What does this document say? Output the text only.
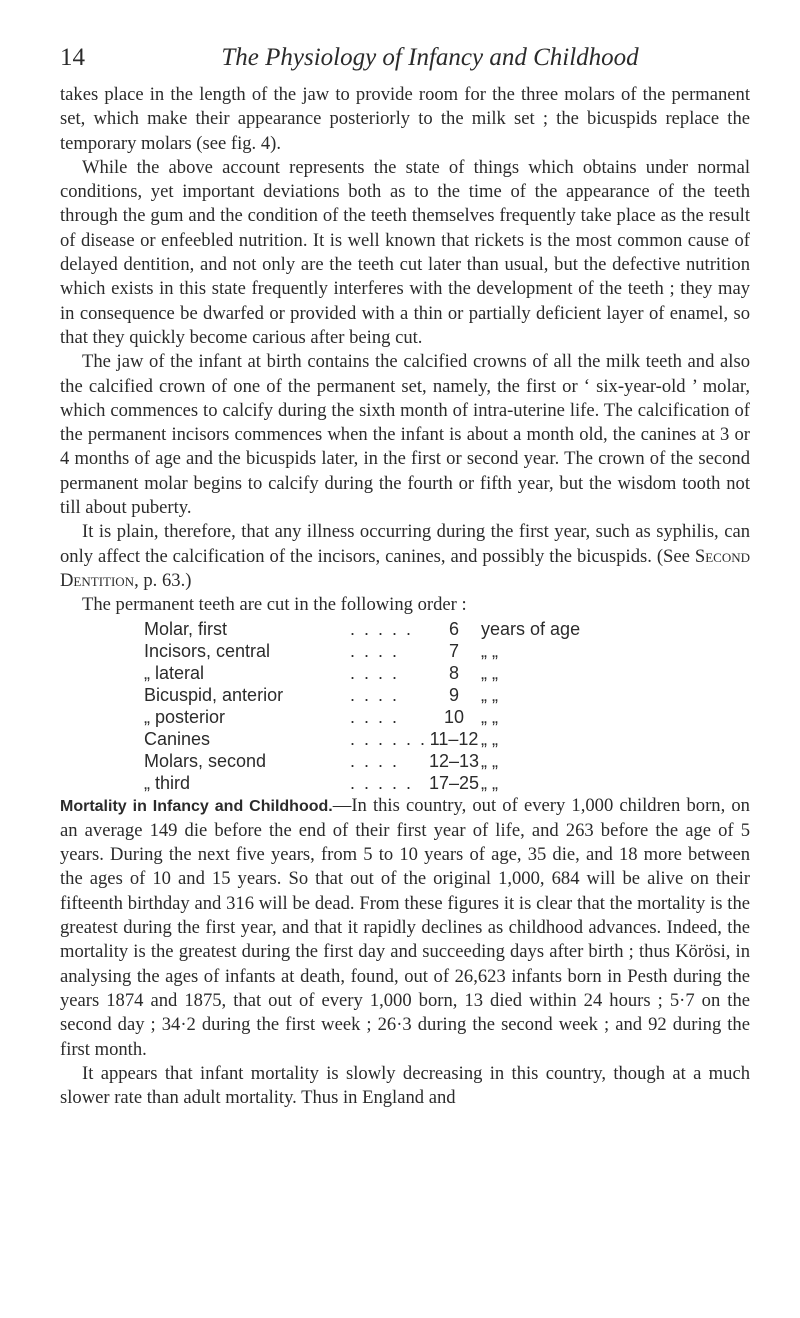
14	The Physiology of Infancy and Childhood

takes place in the length of the jaw to provide room for the three molars of the permanent set, which make their appearance posteriorly to the milk set ; the bicuspids replace the temporary molars (see fig. 4).

While the above account represents the state of things which obtains under normal conditions, yet important deviations both as to the time of the appearance of the teeth through the gum and the condition of the teeth themselves frequently take place as the result of disease or enfeebled nutrition. It is well known that rickets is the most common cause of delayed dentition, and not only are the teeth cut later than usual, but the defective nutrition which exists in this state frequently interferes with the development of the teeth ; they may in consequence be dwarfed or provided with a thin or partially deficient layer of enamel, so that they quickly become carious after being cut.

The jaw of the infant at birth contains the calcified crowns of all the milk teeth and also the calcified crown of one of the permanent set, namely, the first or ‘ six-year-old ’ molar, which commences to calcify during the sixth month of intra-uterine life. The calcification of the permanent incisors commences when the infant is about a month old, the canines at 3 or 4 months of age and the bicuspids later, in the first or second year. The crown of the second permanent molar begins to calcify during the fourth or fifth year, but the wisdom tooth not till about puberty.

It is plain, therefore, that any illness occurring during the first year, such as syphilis, can only affect the calcification of the incisors, canines, and possibly the bicuspids. (See Second Dentition, p. 63.)

The permanent teeth are cut in the following order :

Molar, first	. . . . .	6	years of age
Incisors, central	. . . .	7	„ „
„ lateral	. . . .	8	„ „
Bicuspid, anterior	. . . .	9	„ „
„ posterior	. . . .	10	„ „
Canines	. . . . . .	11–12	„ „
Molars, second	. . . .	12–13	„ „
„ third	. . . . .	17–25	„ „

Mortality in Infancy and Childhood.—In this country, out of every 1,000 children born, on an average 149 die before the end of their first year of life, and 263 before the age of 5 years. During the next five years, from 5 to 10 years of age, 35 die, and 18 more between the ages of 10 and 15 years. So that out of the original 1,000, 684 will be alive on their fifteenth birthday and 316 will be dead. From these figures it is clear that the mortality is the greatest during the first year, and that it rapidly declines as childhood advances. Indeed, the mortality is the greatest during the first day and succeeding days after birth ; thus Körösi, in analysing the ages of infants at death, found, out of 26,623 infants born in Pesth during the years 1874 and 1875, that out of every 1,000 born, 13 died within 24 hours ; 5·7 on the second day ; 34·2 during the first week ; 26·3 during the second week ; and 92 during the first month.

It appears that infant mortality is slowly decreasing in this country, though at a much slower rate than adult mortality. Thus in England and
